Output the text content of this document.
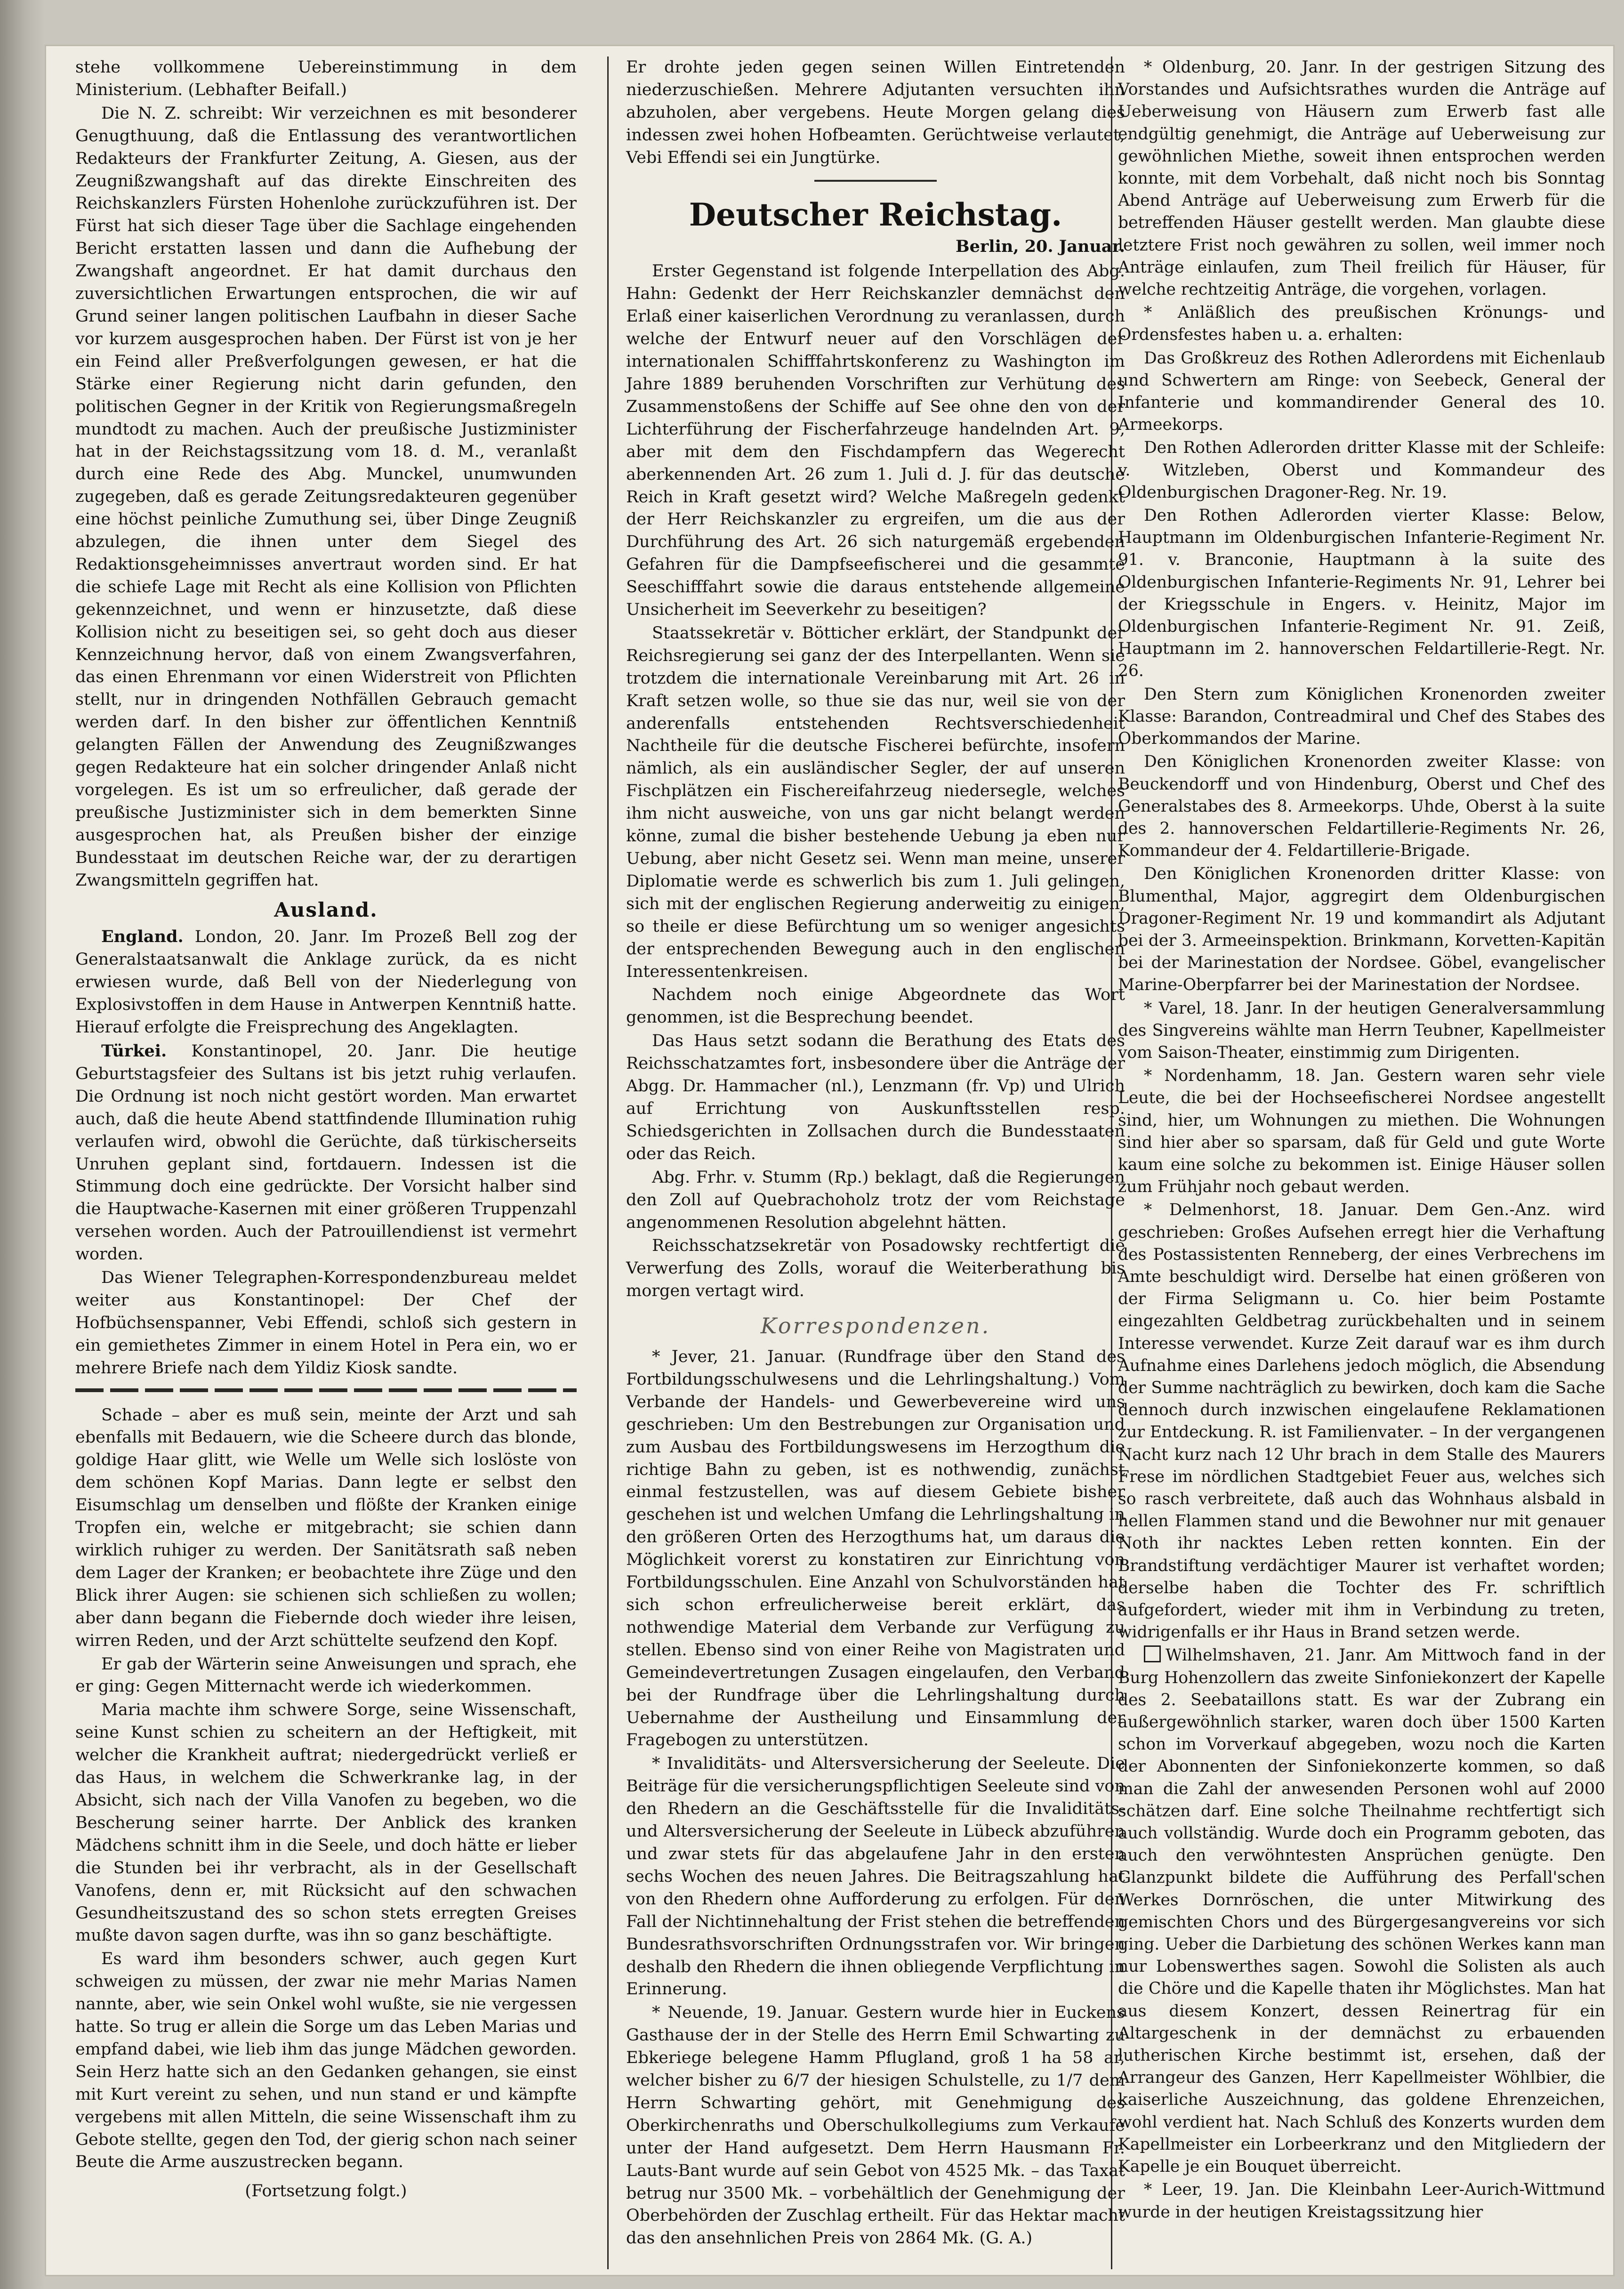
stehe vollkommene Uebereinstimmung in dem Ministerium. (Lebhafter Beifall.)

Die N. Z. schreibt: Wir verzeichnen es mit besonderer Genugthuung, daß die Entlassung des verantwortlichen Redakteurs der Frankfurter Zeitung, A. Giesen, aus der Zeugnißzwangshaft auf das direkte Einschreiten des Reichskanzlers Fürsten Hohenlohe zurückzuführen ist. Der Fürst hat sich dieser Tage über die Sachlage eingehenden Bericht erstatten lassen und dann die Aufhebung der Zwangshaft angeordnet. Er hat damit durchaus den zuversichtlichen Erwartungen entsprochen, die wir auf Grund seiner langen politischen Laufbahn in dieser Sache vor kurzem ausgesprochen haben. Der Fürst ist von je her ein Feind aller Preßverfolgungen gewesen, er hat die Stärke einer Regierung nicht darin gefunden, den politischen Gegner in der Kritik von Regierungsmaßregeln mundtodt zu machen. Auch der preußische Justizminister hat in der Reichstagssitzung vom 18. d. M., veranlaßt durch eine Rede des Abg. Munckel, unumwunden zugegeben, daß es gerade Zeitungsredakteuren gegenüber eine höchst peinliche Zumuthung sei, über Dinge Zeugniß abzulegen, die ihnen unter dem Siegel des Redaktionsgeheimnisses anvertraut worden sind. Er hat die schiefe Lage mit Recht als eine Kollision von Pflichten gekennzeichnet, und wenn er hinzusetzte, daß diese Kollision nicht zu beseitigen sei, so geht doch aus dieser Kennzeichnung hervor, daß von einem Zwangsverfahren, das einen Ehrenmann vor einen Widerstreit von Pflichten stellt, nur in dringenden Nothfällen Gebrauch gemacht werden darf. In den bisher zur öffentlichen Kenntniß gelangten Fällen der Anwendung des Zeugnißzwanges gegen Redakteure hat ein solcher dringender Anlaß nicht vorgelegen. Es ist um so erfreulicher, daß gerade der preußische Justizminister sich in dem bemerkten Sinne ausgesprochen hat, als Preußen bisher der einzige Bundesstaat im deutschen Reiche war, der zu derartigen Zwangsmitteln gegriffen hat.

Ausland.

England. London, 20. Janr. Im Prozeß Bell zog der Generalstaatsanwalt die Anklage zurück, da es nicht erwiesen wurde, daß Bell von der Niederlegung von Explosivstoffen in dem Hause in Antwerpen Kenntniß hatte. Hierauf erfolgte die Freisprechung des Angeklagten.

Türkei. Konstantinopel, 20. Janr. Die heutige Geburtstagsfeier des Sultans ist bis jetzt ruhig verlaufen. Die Ordnung ist noch nicht gestört worden. Man erwartet auch, daß die heute Abend stattfindende Illumination ruhig verlaufen wird, obwohl die Gerüchte, daß türkischerseits Unruhen geplant sind, fortdauern. Indessen ist die Stimmung doch eine gedrückte. Der Vorsicht halber sind die Hauptwache-Kasernen mit einer größeren Truppenzahl versehen worden. Auch der Patrouillendienst ist vermehrt worden.

Das Wiener Telegraphen-Korrespondenzbureau meldet weiter aus Konstantinopel: Der Chef der Hofbüchsenspanner, Vebi Effendi, schloß sich gestern in ein gemiethetes Zimmer in einem Hotel in Pera ein, wo er mehrere Briefe nach dem Yildiz Kiosk sandte.

Schade – aber es muß sein, meinte der Arzt und sah ebenfalls mit Bedauern, wie die Scheere durch das blonde, goldige Haar glitt, wie Welle um Welle sich loslöste von dem schönen Kopf Marias. Dann legte er selbst den Eisumschlag um denselben und flößte der Kranken einige Tropfen ein, welche er mitgebracht; sie schien dann wirklich ruhiger zu werden. Der Sanitätsrath saß neben dem Lager der Kranken; er beobachtete ihre Züge und den Blick ihrer Augen: sie schienen sich schließen zu wollen; aber dann begann die Fiebernde doch wieder ihre leisen, wirren Reden, und der Arzt schüttelte seufzend den Kopf.

Er gab der Wärterin seine Anweisungen und sprach, ehe er ging: Gegen Mitternacht werde ich wiederkommen.

Maria machte ihm schwere Sorge, seine Wissenschaft, seine Kunst schien zu scheitern an der Heftigkeit, mit welcher die Krankheit auftrat; niedergedrückt verließ er das Haus, in welchem die Schwerkranke lag, in der Absicht, sich nach der Villa Vanofen zu begeben, wo die Bescherung seiner harrte. Der Anblick des kranken Mädchens schnitt ihm in die Seele, und doch hätte er lieber die Stunden bei ihr verbracht, als in der Gesellschaft Vanofens, denn er, mit Rücksicht auf den schwachen Gesundheitszustand des so schon stets erregten Greises mußte davon sagen durfte, was ihn so ganz beschäftigte.

Es ward ihm besonders schwer, auch gegen Kurt schweigen zu müssen, der zwar nie mehr Marias Namen nannte, aber, wie sein Onkel wohl wußte, sie nie vergessen hatte. So trug er allein die Sorge um das Leben Marias und empfand dabei, wie lieb ihm das junge Mädchen geworden. Sein Herz hatte sich an den Gedanken gehangen, sie einst mit Kurt vereint zu sehen, und nun stand er und kämpfte vergebens mit allen Mitteln, die seine Wissenschaft ihm zu Gebote stellte, gegen den Tod, der gierig schon nach seiner Beute die Arme auszustrecken begann.

(Fortsetzung folgt.)

Er drohte jeden gegen seinen Willen Eintretenden niederzuschießen. Mehrere Adjutanten versuchten ihn abzuholen, aber vergebens. Heute Morgen gelang dies indessen zwei hohen Hofbeamten. Gerüchtweise verlautet, Vebi Effendi sei ein Jungtürke.

Deutscher Reichstag.
Berlin, 20. Januar.

Erster Gegenstand ist folgende Interpellation des Abg. Hahn: Gedenkt der Herr Reichskanzler demnächst den Erlaß einer kaiserlichen Verordnung zu veranlassen, durch welche der Entwurf neuer auf den Vorschlägen der internationalen Schifffahrtskonferenz zu Washington im Jahre 1889 beruhenden Vorschriften zur Verhütung des Zusammenstoßens der Schiffe auf See ohne den von der Lichterführung der Fischerfahrzeuge handelnden Art. 9, aber mit dem den Fischdampfern das Wegerecht aberkennenden Art. 26 zum 1. Juli d. J. für das deutsche Reich in Kraft gesetzt wird? Welche Maßregeln gedenkt der Herr Reichskanzler zu ergreifen, um die aus der Durchführung des Art. 26 sich naturgemäß ergebenden Gefahren für die Dampfseefischerei und die gesammte Seeschifffahrt sowie die daraus entstehende allgemeine Unsicherheit im Seeverkehr zu beseitigen?

Staatssekretär v. Bötticher erklärt, der Standpunkt der Reichsregierung sei ganz der des Interpellanten. Wenn sie trotzdem die internationale Vereinbarung mit Art. 26 in Kraft setzen wolle, so thue sie das nur, weil sie von der anderenfalls entstehenden Rechtsverschiedenheit Nachtheile für die deutsche Fischerei befürchte, insofern nämlich, als ein ausländischer Segler, der auf unseren Fischplätzen ein Fischereifahrzeug niedersegle, welches ihm nicht ausweiche, von uns gar nicht belangt werden könne, zumal die bisher bestehende Uebung ja eben nur Uebung, aber nicht Gesetz sei. Wenn man meine, unserer Diplomatie werde es schwerlich bis zum 1. Juli gelingen, sich mit der englischen Regierung anderweitig zu einigen, so theile er diese Befürchtung um so weniger angesichts der entsprechenden Bewegung auch in den englischen Interessentenkreisen.

Nachdem noch einige Abgeordnete das Wort genommen, ist die Besprechung beendet.

Das Haus setzt sodann die Berathung des Etats des Reichsschatzamtes fort, insbesondere über die Anträge der Abgg. Dr. Hammacher (nl.), Lenzmann (fr. Vp) und Ulrich auf Errichtung von Auskunftsstellen resp. Schiedsgerichten in Zollsachen durch die Bundesstaaten oder das Reich.

Abg. Frhr. v. Stumm (Rp.) beklagt, daß die Regierungen den Zoll auf Quebrachoholz trotz der vom Reichstage angenommenen Resolution abgelehnt hätten.

Reichsschatzsekretär von Posadowsky rechtfertigt die Verwerfung des Zolls, worauf die Weiterberathung bis morgen vertagt wird.

Korrespondenzen.

* Jever, 21. Januar. (Rundfrage über den Stand des Fortbildungsschulwesens und die Lehrlingshaltung.) Vom Verbande der Handels- und Gewerbevereine wird uns geschrieben: Um den Bestrebungen zur Organisation und zum Ausbau des Fortbildungswesens im Herzogthum die richtige Bahn zu geben, ist es nothwendig, zunächst einmal festzustellen, was auf diesem Gebiete bisher geschehen ist und welchen Umfang die Lehrlingshaltung in den größeren Orten des Herzogthums hat, um daraus die Möglichkeit vorerst zu konstatiren zur Einrichtung von Fortbildungsschulen. Eine Anzahl von Schulvorständen hat sich schon erfreulicherweise bereit erklärt, das nothwendige Material dem Verbande zur Verfügung zu stellen. Ebenso sind von einer Reihe von Magistraten und Gemeindevertretungen Zusagen eingelaufen, den Verband bei der Rundfrage über die Lehrlingshaltung durch Uebernahme der Austheilung und Einsammlung der Fragebogen zu unterstützen.

* Invaliditäts- und Altersversicherung der Seeleute. Die Beiträge für die versicherungspflichtigen Seeleute sind von den Rhedern an die Geschäftsstelle für die Invaliditäts- und Altersversicherung der Seeleute in Lübeck abzuführen und zwar stets für das abgelaufene Jahr in den ersten sechs Wochen des neuen Jahres. Die Beitragszahlung hat von den Rhedern ohne Aufforderung zu erfolgen. Für den Fall der Nichtinnehaltung der Frist stehen die betreffenden Bundesrathsvorschriften Ordnungsstrafen vor. Wir bringen deshalb den Rhedern die ihnen obliegende Verpflichtung in Erinnerung.

* Neuende, 19. Januar. Gestern wurde hier in Euckens Gasthause der in der Stelle des Herrn Emil Schwarting zu Ebkeriege belegene Hamm Pflugland, groß 1 ha 58 ar, welcher bisher zu 6/7 der hiesigen Schulstelle, zu 1/7 dem Herrn Schwarting gehört, mit Genehmigung des Oberkirchenraths und Oberschulkollegiums zum Verkaufe unter der Hand aufgesetzt. Dem Herrn Hausmann Fr. Lauts-Bant wurde auf sein Gebot von 4525 Mk. – das Taxat betrug nur 3500 Mk. – vorbehältlich der Genehmigung der Oberbehörden der Zuschlag ertheilt. Für das Hektar macht das den ansehnlichen Preis von 2864 Mk. (G. A.)

* Oldenburg, 20. Janr. In der gestrigen Sitzung des Vorstandes und Aufsichtsrathes wurden die Anträge auf Ueberweisung von Häusern zum Erwerb fast alle endgültig genehmigt, die Anträge auf Ueberweisung zur gewöhnlichen Miethe, soweit ihnen entsprochen werden konnte, mit dem Vorbehalt, daß nicht noch bis Sonntag Abend Anträge auf Ueberweisung zum Erwerb für die betreffenden Häuser gestellt werden. Man glaubte diese letztere Frist noch gewähren zu sollen, weil immer noch Anträge einlaufen, zum Theil freilich für Häuser, für welche rechtzeitig Anträge, die vorgehen, vorlagen.

* Anläßlich des preußischen Krönungs- und Ordensfestes haben u. a. erhalten:

Das Großkreuz des Rothen Adlerordens mit Eichenlaub und Schwertern am Ringe: von Seebeck, General der Infanterie und kommandirender General des 10. Armeekorps.

Den Rothen Adlerorden dritter Klasse mit der Schleife: v. Witzleben, Oberst und Kommandeur des Oldenburgischen Dragoner-Reg. Nr. 19.

Den Rothen Adlerorden vierter Klasse: Below, Hauptmann im Oldenburgischen Infanterie-Regiment Nr. 91. v. Branconie, Hauptmann à la suite des Oldenburgischen Infanterie-Regiments Nr. 91, Lehrer bei der Kriegsschule in Engers. v. Heinitz, Major im Oldenburgischen Infanterie-Regiment Nr. 91. Zeiß, Hauptmann im 2. hannoverschen Feldartillerie-Regt. Nr. 26.

Den Stern zum Königlichen Kronenorden zweiter Klasse: Barandon, Contreadmiral und Chef des Stabes des Oberkommandos der Marine.

Den Königlichen Kronenorden zweiter Klasse: von Beuckendorff und von Hindenburg, Oberst und Chef des Generalstabes des 8. Armeekorps. Uhde, Oberst à la suite des 2. hannoverschen Feldartillerie-Regiments Nr. 26, Kommandeur der 4. Feldartillerie-Brigade.

Den Königlichen Kronenorden dritter Klasse: von Blumenthal, Major, aggregirt dem Oldenburgischen Dragoner-Regiment Nr. 19 und kommandirt als Adjutant bei der 3. Armeeinspektion. Brinkmann, Korvetten-Kapitän bei der Marinestation der Nordsee. Göbel, evangelischer Marine-Oberpfarrer bei der Marinestation der Nordsee.

* Varel, 18. Janr. In der heutigen Generalversammlung des Singvereins wählte man Herrn Teubner, Kapellmeister vom Saison-Theater, einstimmig zum Dirigenten.

* Nordenhamm, 18. Jan. Gestern waren sehr viele Leute, die bei der Hochseefischerei Nordsee angestellt sind, hier, um Wohnungen zu miethen. Die Wohnungen sind hier aber so sparsam, daß für Geld und gute Worte kaum eine solche zu bekommen ist. Einige Häuser sollen zum Frühjahr noch gebaut werden.

* Delmenhorst, 18. Januar. Dem Gen.-Anz. wird geschrieben: Großes Aufsehen erregt hier die Verhaftung des Postassistenten Renneberg, der eines Verbrechens im Amte beschuldigt wird. Derselbe hat einen größeren von der Firma Seligmann u. Co. hier beim Postamte eingezahlten Geldbetrag zurückbehalten und in seinem Interesse verwendet. Kurze Zeit darauf war es ihm durch Aufnahme eines Darlehens jedoch möglich, die Absendung der Summe nachträglich zu bewirken, doch kam die Sache dennoch durch inzwischen eingelaufene Reklamationen zur Entdeckung. R. ist Familienvater. – In der vergangenen Nacht kurz nach 12 Uhr brach in dem Stalle des Maurers Frese im nördlichen Stadtgebiet Feuer aus, welches sich so rasch verbreitete, daß auch das Wohnhaus alsbald in hellen Flammen stand und die Bewohner nur mit genauer Noth ihr nacktes Leben retten konnten. Ein der Brandstiftung verdächtiger Maurer ist verhaftet worden; derselbe haben die Tochter des Fr. schriftlich aufgefordert, wieder mit ihm in Verbindung zu treten, widrigenfalls er ihr Haus in Brand setzen werde.

Wilhelmshaven, 21. Janr. Am Mittwoch fand in der Burg Hohenzollern das zweite Sinfoniekonzert der Kapelle des 2. Seebataillons statt. Es war der Zubrang ein außergewöhnlich starker, waren doch über 1500 Karten schon im Vorverkauf abgegeben, wozu noch die Karten der Abonnenten der Sinfoniekonzerte kommen, so daß man die Zahl der anwesenden Personen wohl auf 2000 schätzen darf. Eine solche Theilnahme rechtfertigt sich auch vollständig. Wurde doch ein Programm geboten, das auch den verwöhntesten Ansprüchen genügte. Den Glanzpunkt bildete die Aufführung des Perfall'schen Werkes Dornröschen, die unter Mitwirkung des gemischten Chors und des Bürgergesangvereins vor sich ging. Ueber die Darbietung des schönen Werkes kann man nur Lobenswerthes sagen. Sowohl die Solisten als auch die Chöre und die Kapelle thaten ihr Möglichstes. Man hat aus diesem Konzert, dessen Reinertrag für ein Altargeschenk in der demnächst zu erbauenden lutherischen Kirche bestimmt ist, ersehen, daß der Arrangeur des Ganzen, Herr Kapellmeister Wöhlbier, die kaiserliche Auszeichnung, das goldene Ehrenzeichen, wohl verdient hat. Nach Schluß des Konzerts wurden dem Kapellmeister ein Lorbeerkranz und den Mitgliedern der Kapelle je ein Bouquet überreicht.

* Leer, 19. Jan. Die Kleinbahn Leer-Aurich-Wittmund wurde in der heutigen Kreistagssitzung hier
